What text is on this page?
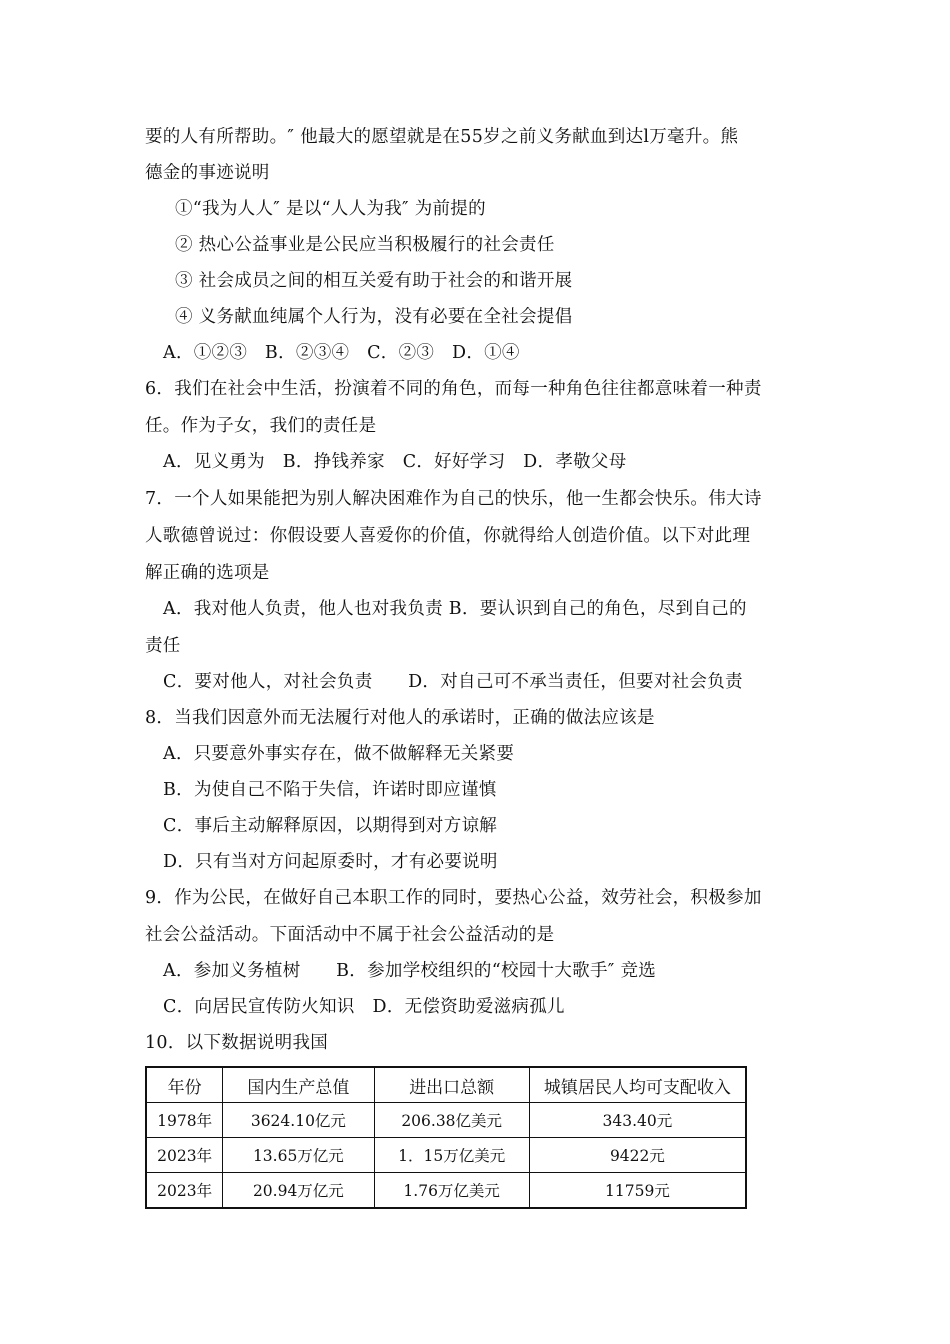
要的人有所帮助。″ 他最大的愿望就是在55岁之前义务献血到达l万毫升。熊
德金的事迹说明
①“我为人人″ 是以“人人为我″ 为前提的
② 热心公益事业是公民应当积极履行的社会责任
③ 社会成员之间的相互关爱有助于社会的和谐开展
④ 义务献血纯属个人行为，没有必要在全社会提倡
A．①②③　B．②③④　C．②③　D．①④
6．我们在社会中生活，扮演着不同的角色，而每一种角色往往都意味着一种责
任。作为子女，我们的责任是
A．见义勇为　B．挣钱养家　C．好好学习　D．孝敬父母
7．一个人如果能把为别人解决困难作为自己的快乐，他一生都会快乐。伟大诗
人歌德曾说过：你假设要人喜爱你的价值，你就得给人创造价值。以下对此理
解正确的选项是
A．我对他人负责，他人也对我负责 B．要认识到自己的角色，尽到自己的
责任
C．要对他人，对社会负责　　D．对自己可不承当责任，但要对社会负责
8．当我们因意外而无法履行对他人的承诺时，正确的做法应该是
A．只要意外事实存在，做不做解释无关紧要
B．为使自己不陷于失信，许诺时即应谨慎
C．事后主动解释原因，以期得到对方谅解
D．只有当对方问起原委时，才有必要说明
9．作为公民，在做好自己本职工作的同时，要热心公益，效劳社会，积极参加
社会公益活动。下面活动中不属于社会公益活动的是
A．参加义务植树　　B．参加学校组织的“校园十大歌手″ 竞选
C．向居民宣传防火知识　D．无偿资助爱滋病孤儿
10．以下数据说明我国
年份	国内生产总值	进出口总额	城镇居民人均可支配收入
1978年	3624.10亿元	206.38亿美元	343.40元
2023年	13.65万亿元	1．15万亿美元	9422元
2023年	20.94万亿元	1.76万亿美元	11759元
